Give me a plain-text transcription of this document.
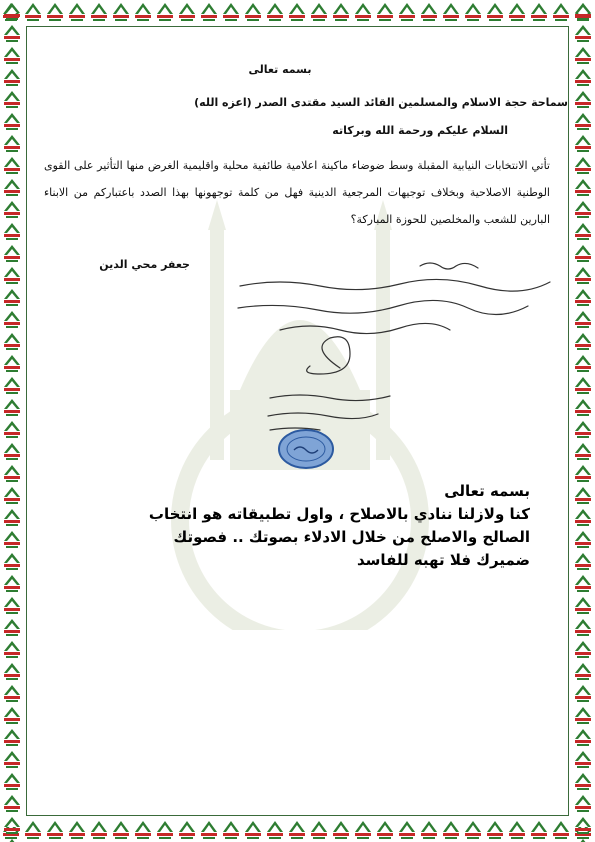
بسمه تعالى
سماحة حجة الاسلام والمسلمين القائد السيد مقتدى الصدر (اعزه الله)
السلام عليكم ورحمة الله وبركاته
تأتي الانتخابات النيابية المقبلة وسط ضوضاء ماكينة اعلامية طائفية محلية واقليمية الغرض منها التأثير على القوى الوطنية الاصلاحية وبخلاف توجيهات المرجعية الدينية فهل من كلمة توجهونها بهذا الصدد باعتباركم من الابناء البارين للشعب والمخلصين للحوزة المباركة؟
جعفر محي الدين
بسمه تعالى
كنا ولازلنا ننادي بالاصلاح ، واول تطبيقاته هو انتخاب
الصالح والاصلح من خلال الادلاء بصوتك .. فصوتك
ضميرك فلا تهبه للفاسد
